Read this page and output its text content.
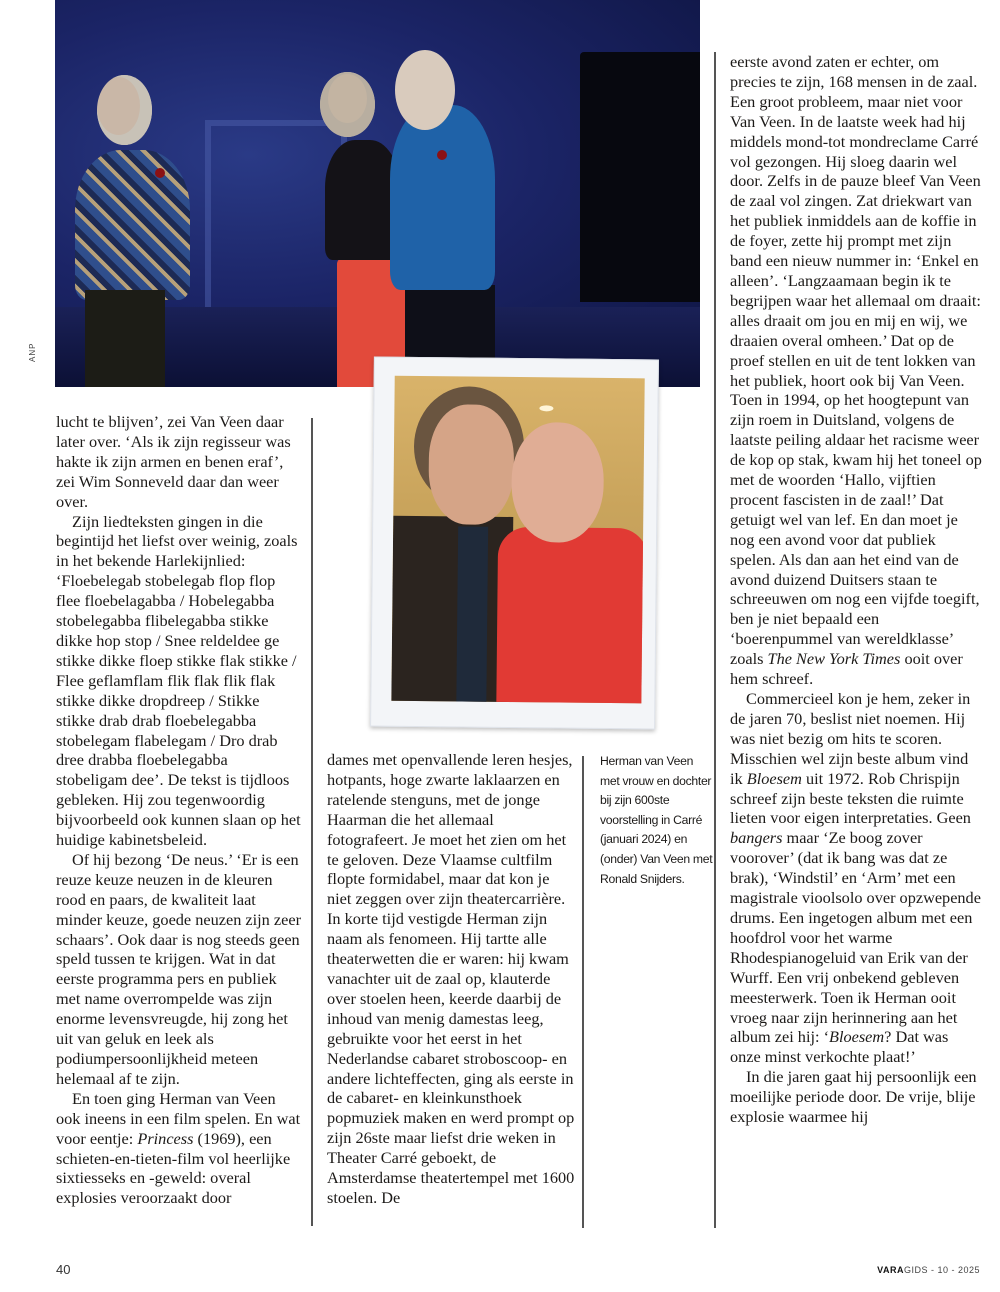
ANP

lucht te blijven’, zei Van Veen daar later over. ‘Als ik zijn regisseur was hakte ik zijn armen en benen eraf’, zei Wim Sonneveld daar dan weer over.

Zijn liedteksten gingen in die begintijd het liefst over weinig, zoals in het bekende Harlekijnlied: ‘Floebelegab stobelegab flop flop flee floebelagabba / Hobelegabba stobelegabba flibelegabba stikke dikke hop stop / Snee reldeldee ge stikke dikke floep stikke flak stikke / Flee geflamflam flik flak flik flak stikke dikke dropdreep / Stikke stikke drab drab floebelegabba stobelegam flabelegam / Dro drab dree drabba floebelegabba stobeligam dee’. De tekst is tijdloos gebleken. Hij zou tegenwoordig bijvoorbeeld ook kunnen slaan op het huidige kabinetsbeleid.

Of hij bezong ‘De neus.’ ‘Er is een reuze keuze neuzen in de kleuren rood en paars, de kwaliteit laat minder keuze, goede neuzen zijn zeer schaars’. Ook daar is nog steeds geen speld tussen te krijgen. Wat in dat eerste programma pers en publiek met name overrompelde was zijn enorme levensvreugde, hij zong het uit van geluk en leek als podiumpersoonlijkheid meteen helemaal af te zijn.

En toen ging Herman van Veen ook ineens in een film spelen. En wat voor eentje: Princess (1969), een schieten-en-tieten-film vol heerlijke sixtiesseks en -geweld: overal explosies veroorzaakt door

dames met openvallende leren hesjes, hotpants, hoge zwarte laklaarzen en ratelende stenguns, met de jonge Haarman die het allemaal fotografeert. Je moet het zien om het te geloven. Deze Vlaamse cultfilm flopte formidabel, maar dat kon je niet zeggen over zijn theatercarrière. In korte tijd vestigde Herman zijn naam als fenomeen. Hij tartte alle theaterwetten die er waren: hij kwam vanachter uit de zaal op, klauterde over stoelen heen, keerde daarbij de inhoud van menig damestas leeg, gebruikte voor het eerst in het Nederlandse cabaret stroboscoop- en andere lichteffecten, ging als eerste in de cabaret- en kleinkunsthoek popmuziek maken en werd prompt op zijn 26ste maar liefst drie weken in Theater Carré geboekt, de Amsterdamse theatertempel met 1600 stoelen. De

Herman van Veen met vrouw en dochter bij zijn 600ste voorstelling in Carré (januari 2024) en (onder) Van Veen met Ronald Snijders.

eerste avond zaten er echter, om precies te zijn, 168 mensen in de zaal. Een groot probleem, maar niet voor Van Veen. In de laatste week had hij middels mond-tot mondreclame Carré vol gezongen. Hij sloeg daarin wel door. Zelfs in de pauze bleef Van Veen de zaal vol zingen. Zat driekwart van het publiek inmiddels aan de koffie in de foyer, zette hij prompt met zijn band een nieuw nummer in: ‘Enkel en alleen’. ‘Langzaamaan begin ik te begrijpen waar het allemaal om draait: alles draait om jou en mij en wij, we draaien overal omheen.’ Dat op de proef stellen en uit de tent lokken van het publiek, hoort ook bij Van Veen. Toen in 1994, op het hoogtepunt van zijn roem in Duitsland, volgens de laatste peiling aldaar het racisme weer de kop op stak, kwam hij het toneel op met de woorden ‘Hallo, vijftien procent fascisten in de zaal!’ Dat getuigt wel van lef. En dan moet je nog een avond voor dat publiek spelen. Als dan aan het eind van de avond duizend Duitsers staan te schreeuwen om nog een vijfde toegift, ben je niet bepaald een ‘boerenpummel van wereldklasse’ zoals The New York Times ooit over hem schreef.

Commercieel kon je hem, zeker in de jaren 70, beslist niet noemen. Hij was niet bezig om hits te scoren. Misschien wel zijn beste album vind ik Bloesem uit 1972. Rob Chrispijn schreef zijn beste teksten die ruimte lieten voor eigen interpretaties. Geen bangers maar ‘Ze boog zover voorover’ (dat ik bang was dat ze brak), ‘Windstil’ en ‘Arm’ met een magistrale vioolsolo over opzwepende drums. Een ingetogen album met een hoofdrol voor het warme Rhodespianogeluid van Erik van der Wurff. Een vrij onbekend gebleven meesterwerk. Toen ik Herman ooit vroeg naar zijn herinnering aan het album zei hij: ‘Bloesem? Dat was onze minst verkochte plaat!’

In die jaren gaat hij persoonlijk een moeilijke periode door. De vrije, blije explosie waarmee hij

40	VARAGIDS - 10 - 2025
